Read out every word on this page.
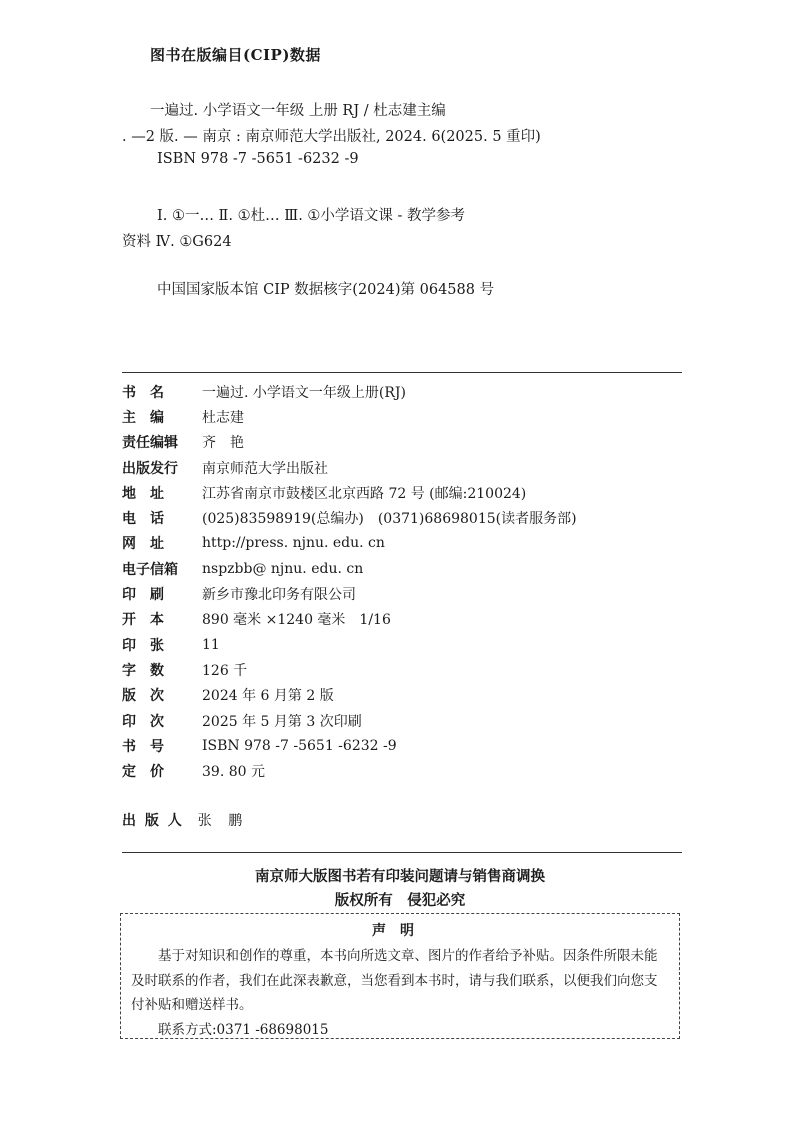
图书在版编目(CIP)数据
一遍过. 小学语文一年级 上册 RJ / 杜志建主编
. —2 版. — 南京 : 南京师范大学出版社, 2024. 6(2025. 5 重印)
ISBN 978 -7 -5651 -6232 -9
Ⅰ. ①一… Ⅱ. ①杜… Ⅲ. ①小学语文课 - 教学参考
资料 Ⅳ. ①G624
中国国家版本馆 CIP 数据核字(2024)第 064588 号
书　名	一遍过. 小学语文一年级上册(RJ)
主　编	杜志建
责任编辑	齐　艳
出版发行	南京师范大学出版社
地　址	江苏省南京市鼓楼区北京西路 72 号 (邮编:210024)
电　话	(025)83598919(总编办)　(0371)68698015(读者服务部)
网　址	http://press. njnu. edu. cn
电子信箱	nspzbb@ njnu. edu. cn
印　刷	新乡市豫北印务有限公司
开　本	890 毫米 ×1240 毫米　1/16
印　张	11
字　数	126 千
版　次	2024 年 6 月第 2 版
印　次	2025 年 5 月第 3 次印刷
书　号	ISBN 978 -7 -5651 -6232 -9
定　价	39. 80 元
出 版 人 张 鹏
南京师大版图书若有印装问题请与销售商调换
版权所有　侵犯必究
声明
基于对知识和创作的尊重，本书向所选文章、图片的作者给予补贴。因条件所限未能及时联系的作者，我们在此深表歉意，当您看到本书时，请与我们联系，以便我们向您支付补贴和赠送样书。
联系方式:0371 -68698015
